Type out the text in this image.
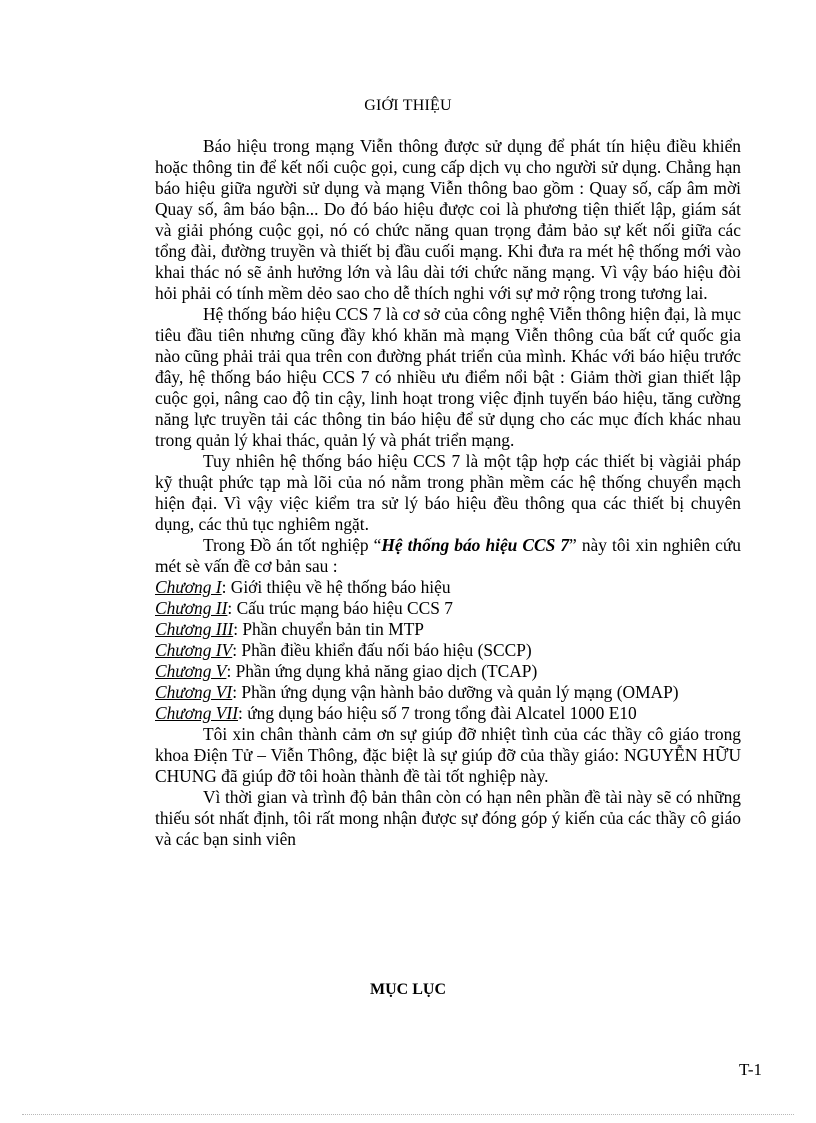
GIỚI THIỆU

Báo hiệu trong mạng Viễn thông được sử dụng để phát tín hiệu điều khiển hoặc thông tin để kết nối cuộc gọi, cung cấp dịch vụ cho người sử dụng. Chẳng hạn báo hiệu giữa người sử dụng và mạng Viễn thông bao gồm : Quay số, cấp âm mời Quay số, âm báo bận... Do đó báo hiệu được coi là phương tiện thiết lập, giám sát và giải phóng cuộc gọi, nó có chức năng quan trọng đảm bảo sự kết nối giữa các tổng đài, đường truyền và thiết bị đầu cuối mạng. Khi đưa ra mét hệ thống mới vào khai thác nó sẽ ảnh hưởng lớn và lâu dài tới chức năng mạng. Vì vậy báo hiệu đòi hỏi phải có tính mềm dẻo sao cho dễ thích nghi với sự mở rộng trong tương lai.

Hệ thống báo hiệu CCS 7 là cơ sở của công nghệ Viễn thông hiện đại, là mục tiêu đầu tiên nhưng cũng đầy khó khăn mà mạng Viễn thông của bất cứ quốc gia nào cũng phải trải qua trên con đường phát triển của mình. Khác với báo hiệu trước đây, hệ thống báo hiệu CCS 7 có nhiều ưu điểm nổi bật : Giảm thời gian thiết lập cuộc gọi, nâng cao độ tin cậy, linh hoạt trong việc định tuyến báo hiệu, tăng cường năng lực truyền tải các thông tin báo hiệu để sử dụng cho các mục đích khác nhau trong quản lý khai thác, quản lý và phát triển mạng.

Tuy nhiên hệ thống báo hiệu CCS 7 là một tập hợp các thiết bị vàgiải pháp kỹ thuật phức tạp mà lõi của nó nằm trong phần mềm các hệ thống chuyển mạch hiện đại. Vì vậy việc kiểm tra sử lý báo hiệu đều thông qua các thiết bị chuyên dụng, các thủ tục nghiêm ngặt.

Trong Đồ án tốt nghiệp “Hệ thống báo hiệu CCS 7” này tôi xin nghiên cứu mét sè vấn đề cơ bản sau :

Chương I: Giới thiệu về hệ thống báo hiệu

Chương II: Cấu trúc mạng báo hiệu CCS 7

Chương III: Phần chuyển bản tin MTP

Chương IV: Phần điều khiển đấu nối báo hiệu (SCCP)

Chương V: Phần ứng dụng khả năng giao dịch (TCAP)

Chương VI: Phần ứng dụng vận hành bảo dưỡng và quản lý mạng (OMAP)

Chương VII: ứng dụng báo hiệu số 7 trong tổng đài Alcatel 1000 E10

Tôi xin chân thành cảm ơn sự giúp đỡ nhiệt tình của các thầy cô giáo trong khoa Điện Tử – Viễn Thông, đặc biệt là sự giúp đỡ của thầy giáo: NGUYỄN HỮU CHUNG đã giúp đỡ tôi hoàn thành đề tài tốt nghiệp này.

Vì thời gian và trình độ bản thân còn có hạn nên phần đề tài này sẽ có những thiếu sót nhất định, tôi rất mong nhận được sự đóng góp ý kiến của các thầy cô giáo và các bạn sinh viên

MỤC LỤC
T-1
